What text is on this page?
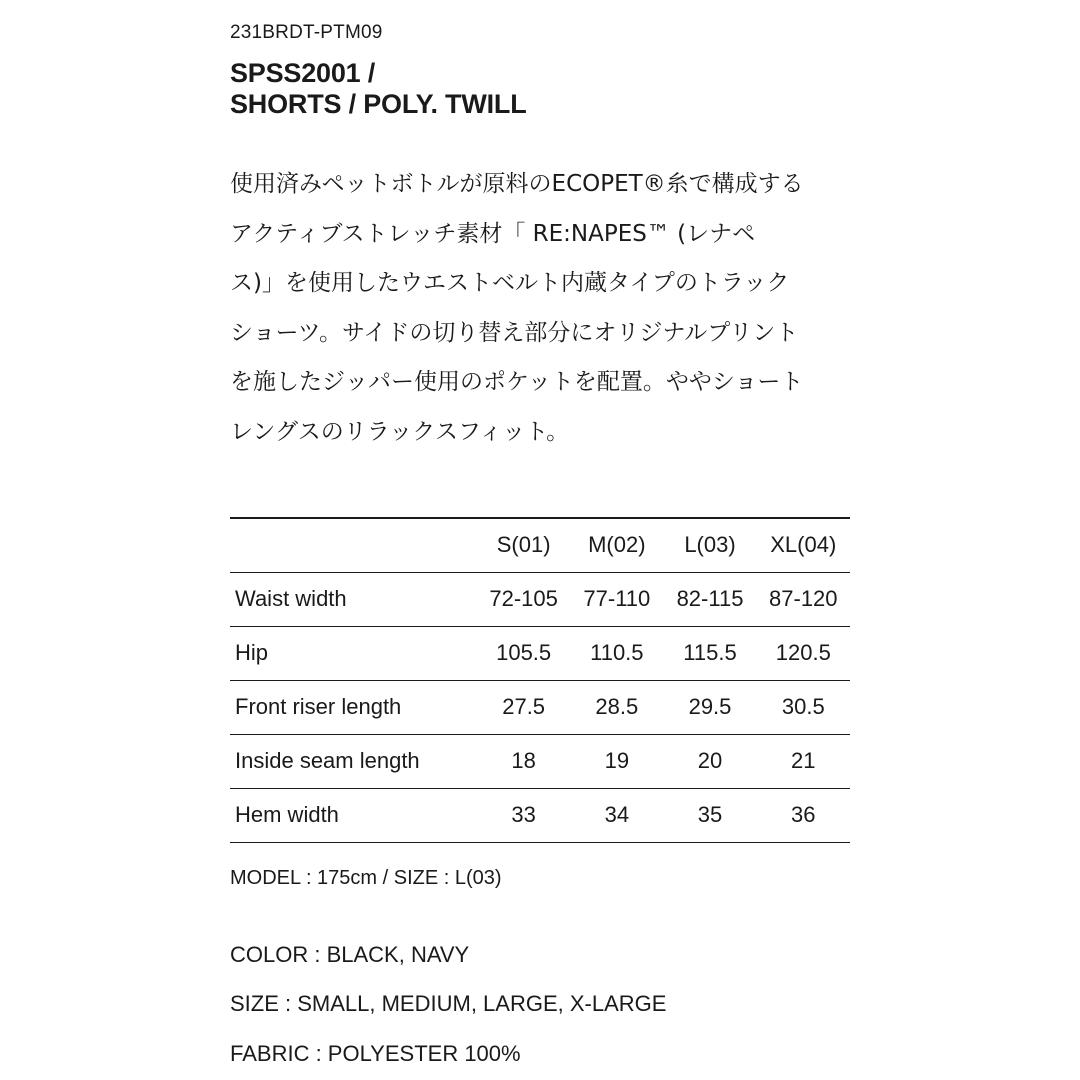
231BRDT-PTM09
SPSS2001 /
SHORTS / POLY. TWILL
使用済みペットボトルが原料のECOPET®糸で構成する
アクティブストレッチ素材「 RE:NAPES™ (レナペ
ス)」を使用したウエストベルト内蔵タイプのトラック
ショーツ。サイドの切り替え部分にオリジナルプリント
を施したジッパー使用のポケットを配置。ややショート
レングスのリラックスフィット。
	S(01)	M(02)	L(03)	XL(04)
Waist width	72-105	77-110	82-115	87-120
Hip	105.5	110.5	115.5	120.5
Front riser length	27.5	28.5	29.5	30.5
Inside seam length	18	19	20	21
Hem width	33	34	35	36
MODEL : 175cm / SIZE : L(03)
COLOR : BLACK, NAVY
SIZE : SMALL, MEDIUM, LARGE, X-LARGE
FABRIC : POLYESTER 100%
